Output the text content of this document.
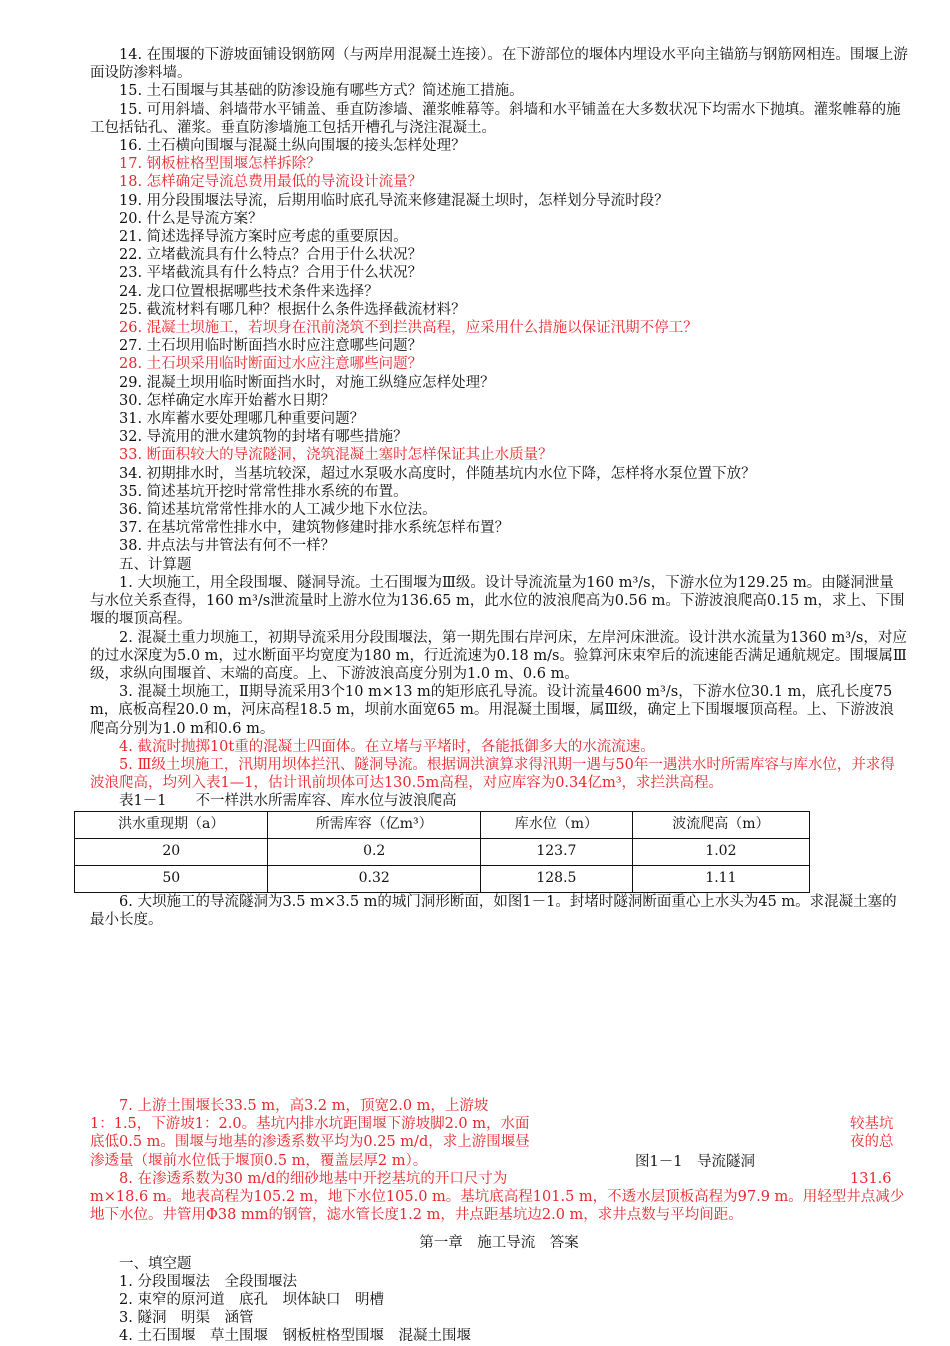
14. 在围堰的下游坡面铺设钢筋网（与两岸用混凝土连接）。在下游部位的堰体内埋设水平向主锚筋与钢筋网相连。围堰上游面设防渗料墙。

15. 土石围堰与其基础的防渗设施有哪些方式？简述施工措施。

15. 可用斜墙、斜墙带水平铺盖、垂直防渗墙、灌浆帷幕等。斜墙和水平铺盖在大多数状况下均需水下抛填。灌浆帷幕的施工包括钻孔、灌浆。垂直防渗墙施工包括开槽孔与浇注混凝土。

16. 土石横向围堰与混凝土纵向围堰的接头怎样处理？

17. 钢板桩格型围堰怎样拆除？

18. 怎样确定导流总费用最低的导流设计流量？

19. 用分段围堰法导流，后期用临时底孔导流来修建混凝土坝时，怎样划分导流时段？

20. 什么是导流方案？

21. 简述选择导流方案时应考虑的重要原因。

22. 立堵截流具有什么特点？合用于什么状况？

23. 平堵截流具有什么特点？合用于什么状况？

24. 龙口位置根据哪些技术条件来选择？

25. 截流材料有哪几种？根据什么条件选择截流材料？

26. 混凝土坝施工，若坝身在汛前浇筑不到拦洪高程，应采用什么措施以保证汛期不停工？

27. 土石坝用临时断面挡水时应注意哪些问题？

28. 土石坝采用临时断面过水应注意哪些问题？

29. 混凝土坝用临时断面挡水时，对施工纵缝应怎样处理？

30. 怎样确定水库开始蓄水日期？

31. 水库蓄水要处理哪几种重要问题？

32. 导流用的泄水建筑物的封堵有哪些措施？

33. 断面积较大的导流隧洞，浇筑混凝土塞时怎样保证其止水质量？

34. 初期排水时，当基坑较深，超过水泵吸水高度时，伴随基坑内水位下降，怎样将水泵位置下放？

35. 简述基坑开挖时常常性排水系统的布置。

36. 简述基坑常常性排水的人工减少地下水位法。

37. 在基坑常常性排水中，建筑物修建时排水系统怎样布置？

38. 井点法与井管法有何不一样？

五、计算题

1. 大坝施工，用全段围堰、隧洞导流。土石围堰为Ⅲ级。设计导流流量为160 m³/s，下游水位为129.25 m。由隧洞泄量与水位关系查得，160 m³/s泄流量时上游水位为136.65 m，此水位的波浪爬高为0.56 m。下游波浪爬高0.15 m，求上、下围堰的堰顶高程。

2. 混凝土重力坝施工，初期导流采用分段围堰法，第一期先围右岸河床，左岸河床泄流。设计洪水流量为1360 m³/s，对应的过水深度为5.0 m，过水断面平均宽度为180 m，行近流速为0.18 m/s。验算河床束窄后的流速能否满足通航规定。围堰属Ⅲ级，求纵向围堰首、末端的高度。上、下游波浪高度分别为1.0 m、0.6 m。

3. 混凝土坝施工，Ⅱ期导流采用3个10 m×13 m的矩形底孔导流。设计流量4600 m³/s，下游水位30.1 m，底孔长度75 m，底板高程20.0 m，河床高程18.5 m，坝前水面宽65 m。用混凝土围堰，属Ⅲ级，确定上下围堰堰顶高程。上、下游波浪爬高分别为1.0 m和0.6 m。

4. 截流时抛掷10t重的混凝土四面体。在立堵与平堵时，各能抵御多大的水流流速。

5. Ⅲ级土坝施工，汛期用坝体拦汛、隧洞导流。根据调洪演算求得汛期一遇与50年一遇洪水时所需库容与库水位，并求得波浪爬高，均列入表1—1，估计讯前坝体可达130.5m高程，对应库容为0.34亿m³，求拦洪高程。

表1－1　　不一样洪水所需库容、库水位与波浪爬高

洪水重现期（a）	所需库容（亿m³）	库水位（m）	波流爬高（m）
20	0.2	123.7	1.02
50	0.32	128.5	1.11

6. 大坝施工的导流隧洞为3.5 m×3.5 m的城门洞形断面，如图1－1。封堵时隧洞断面重心上水头为45 m。求混凝土塞的最小长度。

7. 上游土围堰长33.5 m，高3.2 m，顶宽2.0 m，上游坡

1：1.5，下游坡1：2.0。基坑内排水坑距围堰下游坡脚2.0 m，水面

底低0.5 m。围堰与地基的渗透系数平均为0.25 m/d，求上游围堰昼

渗透量（堰前水位低于堰顶0.5 m，覆盖层厚2 m）。

较基坑
夜的总
图1－1　导流隧洞

8. 在渗透系数为30 m/d的细砂地基中开挖基坑的开口尺寸为	131.6

m×18.6 m。地表高程为105.2 m，地下水位105.0 m。基坑底高程101.5 m，不透水层顶板高程为97.9 m。用轻型井点减少地下水位。井管用Φ38 mm的钢管，滤水管长度1.2 m，井点距基坑边2.0 m，求井点数与平均间距。

第一章　施工导流　答案

一、填空题

1. 分段围堰法　全段围堰法

2. 束窄的原河道　底孔　坝体缺口　明槽

3. 隧洞　明渠　涵管

4. 土石围堰　草土围堰　钢板桩格型围堰　混凝土围堰
